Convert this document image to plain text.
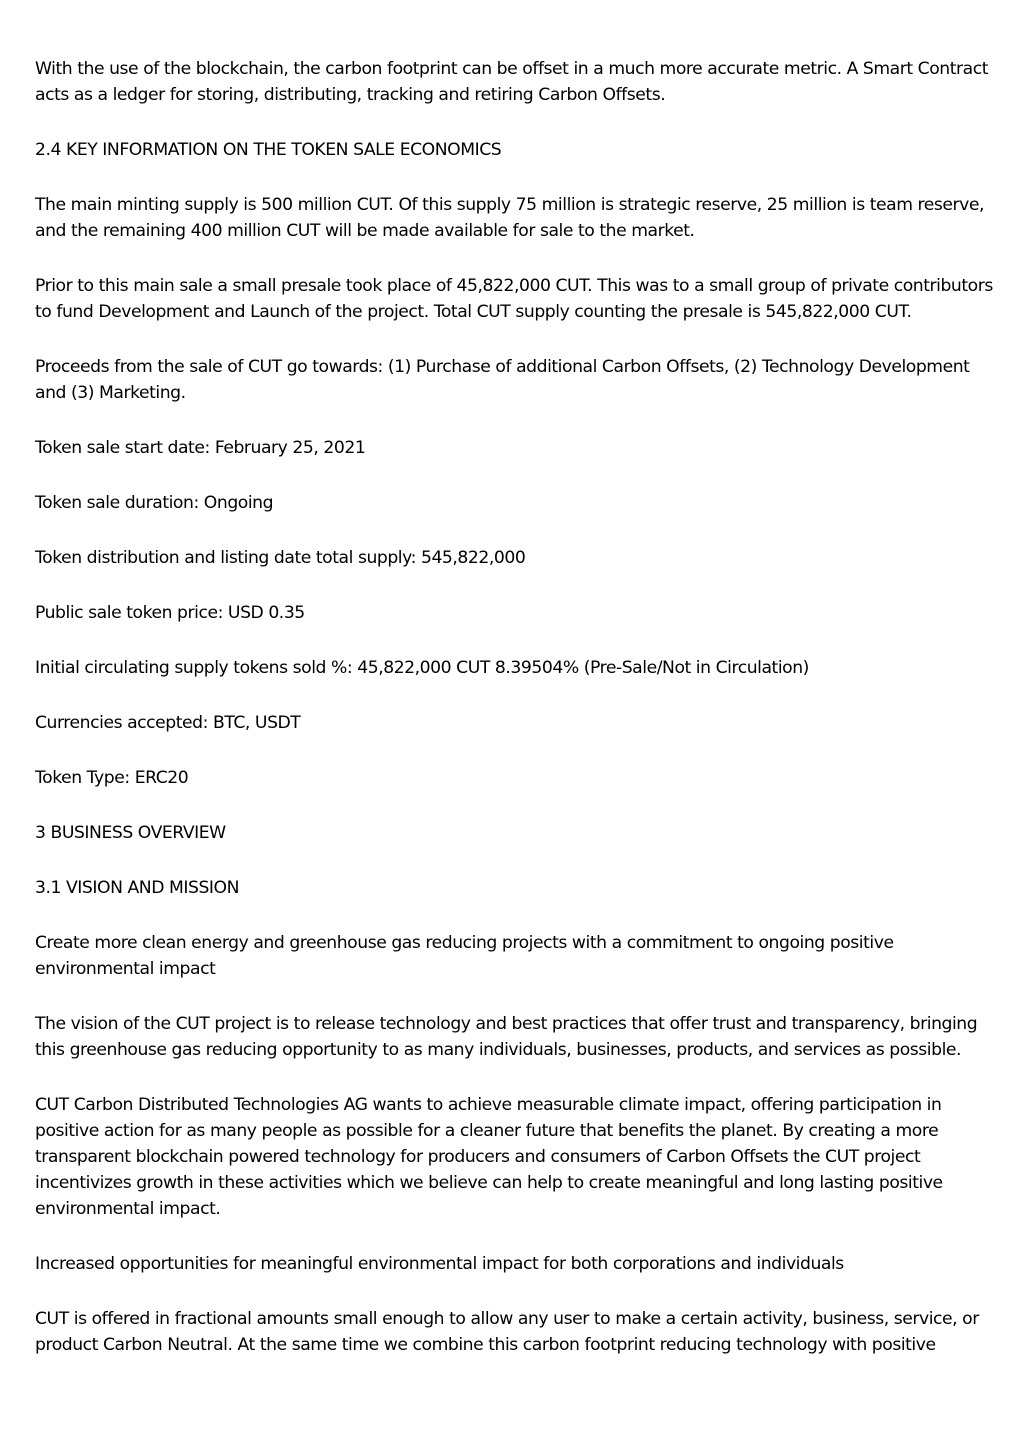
With the use of the blockchain, the carbon footprint can be offset in a much more accurate metric. A Smart Contract acts as a ledger for storing, distributing, tracking and retiring Carbon Offsets.

2.4 KEY INFORMATION ON THE TOKEN SALE ECONOMICS

The main minting supply is 500 million CUT. Of this supply 75 million is strategic reserve, 25 million is team reserve, and the remaining 400 million CUT will be made available for sale to the market.

Prior to this main sale a small presale took place of 45,822,000 CUT. This was to a small group of private contributors to fund Development and Launch of the project. Total CUT supply counting the presale is 545,822,000 CUT.

Proceeds from the sale of CUT go towards: (1) Purchase of additional Carbon Offsets, (2) Technology Development and (3) Marketing.

Token sale start date: February 25, 2021

Token sale duration: Ongoing

Token distribution and listing date total supply: 545,822,000

Public sale token price: USD 0.35

Initial circulating supply tokens sold %: 45,822,000 CUT 8.39504% (Pre-Sale/Not in Circulation)

Currencies accepted: BTC, USDT

Token Type: ERC20

3 BUSINESS OVERVIEW

3.1 VISION AND MISSION

Create more clean energy and greenhouse gas reducing projects with a commitment to ongoing positive environmental impact

The vision of the CUT project is to release technology and best practices that offer trust and transparency, bringing this greenhouse gas reducing opportunity to as many individuals, businesses, products, and services as possible.

CUT Carbon Distributed Technologies AG wants to achieve measurable climate impact, offering participation in positive action for as many people as possible for a cleaner future that benefits the planet. By creating a more transparent blockchain powered technology for producers and consumers of Carbon Offsets the CUT project incentivizes growth in these activities which we believe can help to create meaningful and long lasting positive environmental impact.

Increased opportunities for meaningful environmental impact for both corporations and individuals

CUT is offered in fractional amounts small enough to allow any user to make a certain activity, business, service, or product Carbon Neutral. At the same time we combine this carbon footprint reducing technology with positive
